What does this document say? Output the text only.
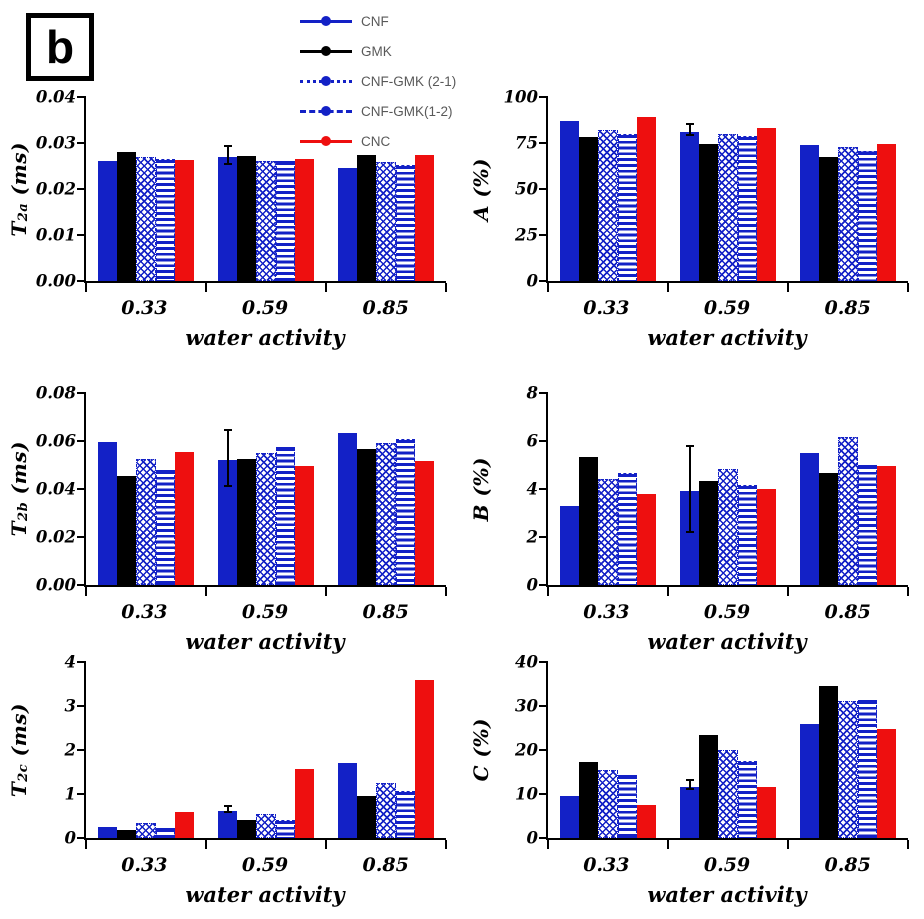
b	CNF
GMK
CNF-GMK (2-1)
CNF-GMK(1-2)
CNC
$T_{2a}$ (ms)
0.00
0.01
0.02
0.03
0.04
0.33	0.59	0.85
water activity
A (%)
0
25
50
75
100
0.33	0.59	0.85
water activity
$T_{2b}$ (ms)
0.00
0.02
0.04
0.06
0.08
0.33	0.59	0.85
water activity
B (%)
0
2
4
6
8
0.33	0.59	0.85
water activity
$T_{2c}$ (ms)
0
1
2
3
4
0.33	0.59	0.85
water activity
C (%)
0
10
20
30
40
0.33	0.59	0.85
water activity
